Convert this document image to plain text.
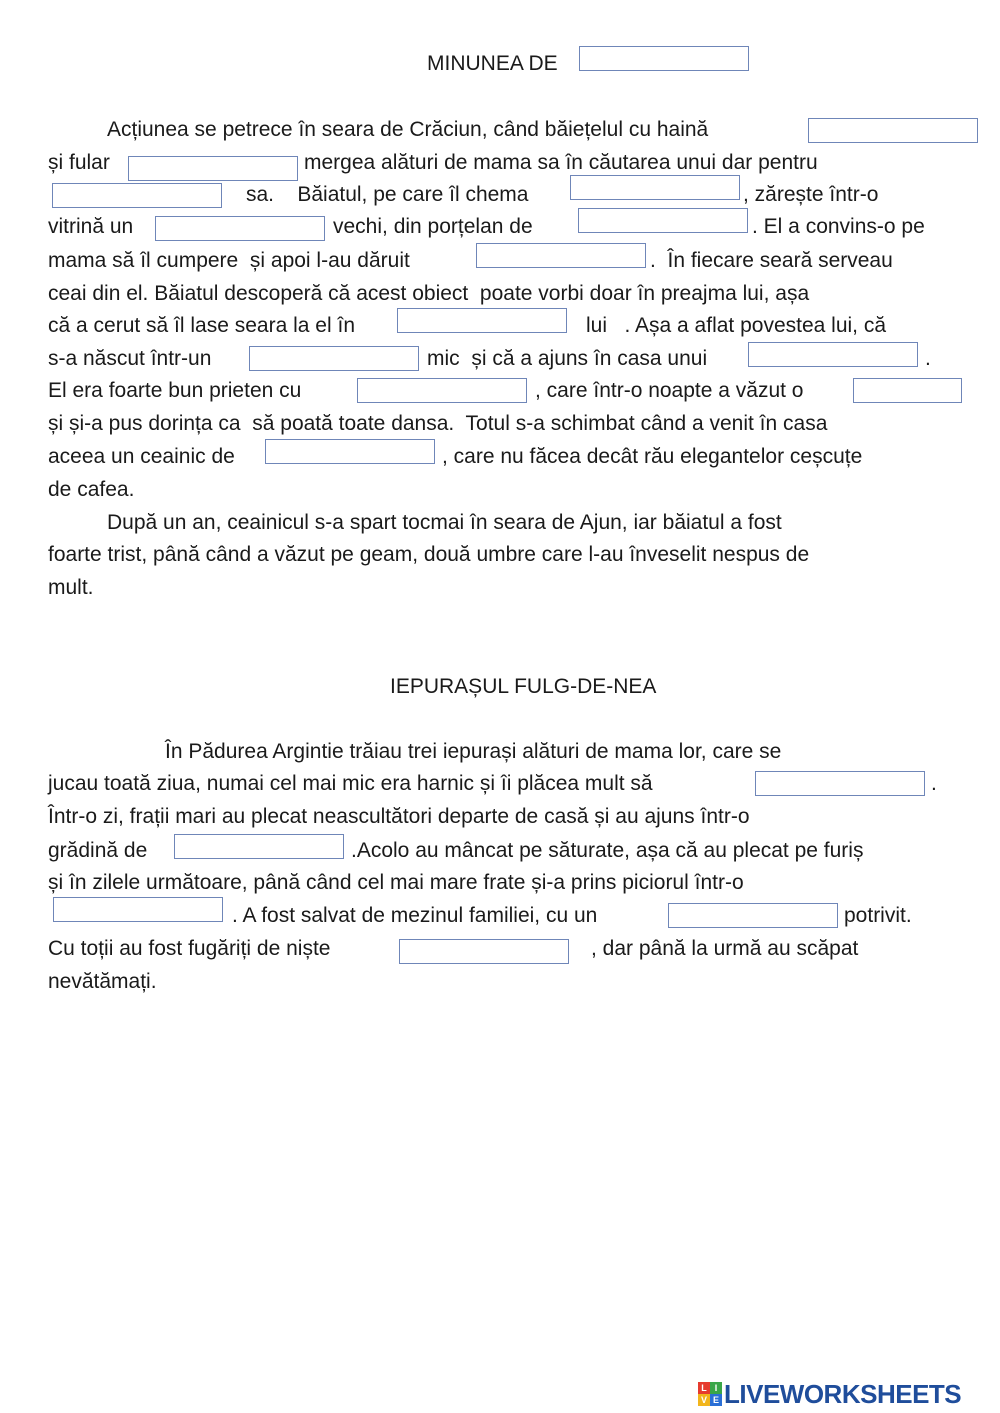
MINUNEA DE
Acțiunea se petrece în seara de Crăciun, când băiețelul cu haină
și fular	mergea alături de mama sa în căutarea unui dar pentru
sa.    Băiatul, pe care îl chema	, zărește într-o
vitrină un	vechi, din porțelan de	. El a convins-o pe
mama să îl cumpere  și apoi l-au dăruit	.  În fiecare seară serveau
ceai din el. Băiatul descoperă că acest obiect  poate vorbi doar în preajma lui, așa
că a cerut să îl lase seara la el în	lui   . Așa a aflat povestea lui, că
s-a născut într-un	mic  și că a ajuns în casa unui	.
El era foarte bun prieten cu	, care într-o noapte a văzut o
și și-a pus dorința ca  să poată toate dansa.  Totul s-a schimbat când a venit în casa
aceea un ceainic de	, care nu făcea decât rău elegantelor ceșcuțe
de cafea.
După un an, ceainicul s-a spart tocmai în seara de Ajun, iar băiatul a fost
foarte trist, până când a văzut pe geam, două umbre care l-au înveselit nespus de
mult.
IEPURAȘUL FULG-DE-NEA
În Pădurea Argintie trăiau trei iepurași alături de mama lor, care se
jucau toată ziua, numai cel mai mic era harnic și îi plăcea mult să	.
Într-o zi, frații mari au plecat neascultători departe de casă și au ajuns într-o
grădină de	.Acolo au mâncat pe săturate, așa că au plecat pe furiș
și în zilele următoare, până când cel mai mare frate și-a prins piciorul într-o
. A fost salvat de mezinul familiei, cu un	potrivit.
Cu toții au fost fugăriți de niște	, dar până la urmă au scăpat
nevătămați.
L I
V E LIVEWORKSHEETS
